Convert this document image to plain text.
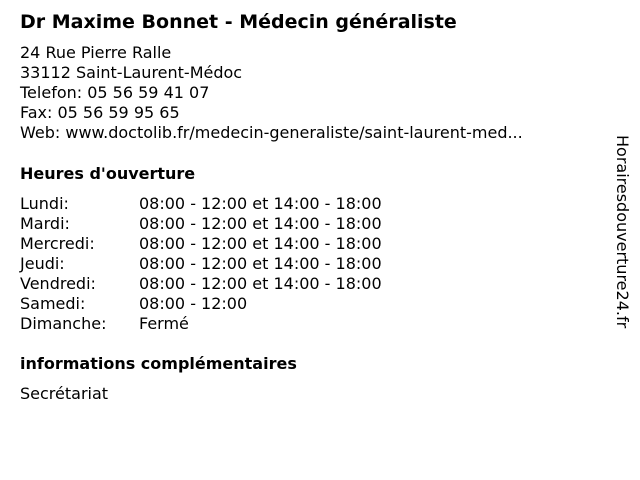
Dr Maxime Bonnet - Médecin généraliste
24 Rue Pierre Ralle
33112 Saint-Laurent-Médoc
Telefon: 05 56 59 41 07
Fax: 05 56 59 95 65
Web: www.doctolib.fr/medecin-generaliste/saint-laurent-med...
Heures d'ouverture
Lundi:	08:00 - 12:00 et 14:00 - 18:00
Mardi:	08:00 - 12:00 et 14:00 - 18:00
Mercredi:	08:00 - 12:00 et 14:00 - 18:00
Jeudi:	08:00 - 12:00 et 14:00 - 18:00
Vendredi:	08:00 - 12:00 et 14:00 - 18:00
Samedi:	08:00 - 12:00
Dimanche: Fermé
informations complémentaires
Secrétariat
Horairesdouverture24.fr
